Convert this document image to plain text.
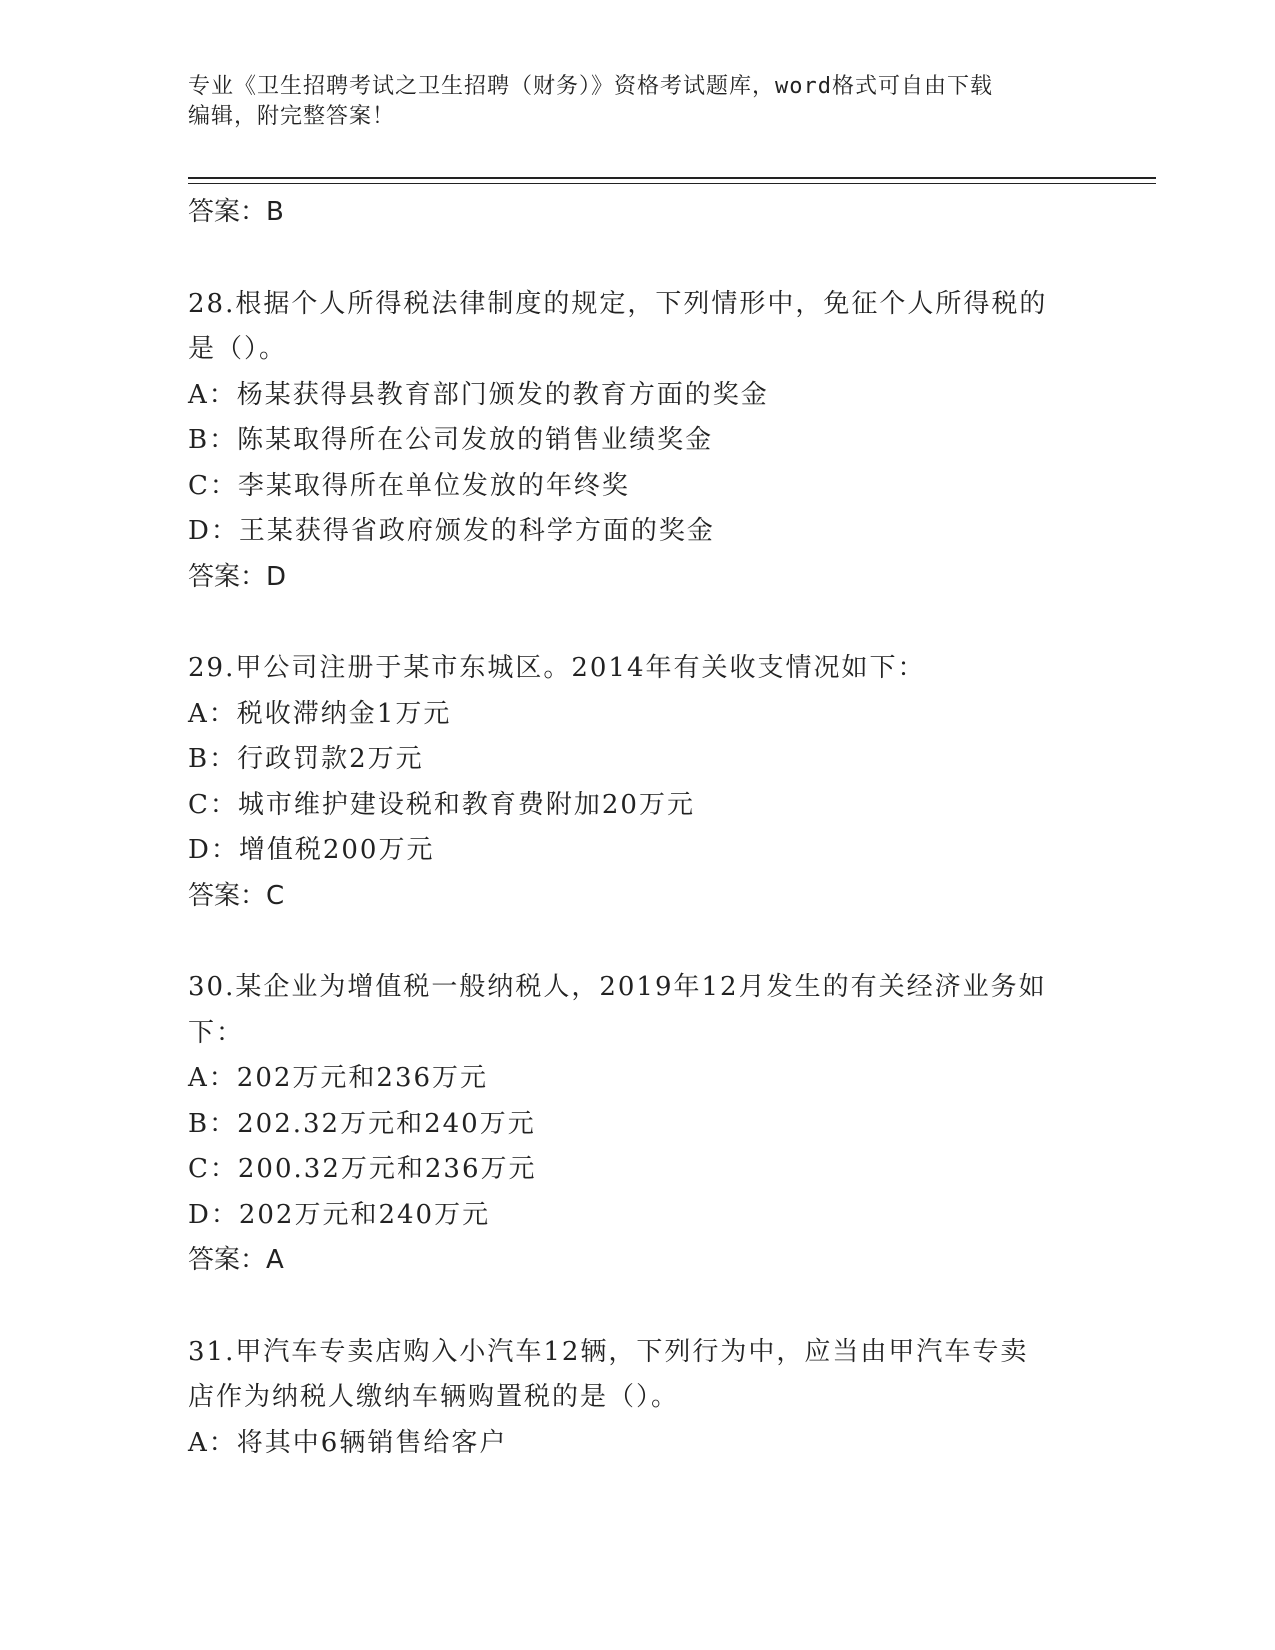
专业《卫生招聘考试之卫生招聘（财务）》资格考试题库，word格式可自由下载
编辑，附完整答案！
答案：B
28.根据个人所得税法律制度的规定，下列情形中，免征个人所得税的
是（）。
A：杨某获得县教育部门颁发的教育方面的奖金
B：陈某取得所在公司发放的销售业绩奖金
C：李某取得所在单位发放的年终奖
D：王某获得省政府颁发的科学方面的奖金
答案：D
29.甲公司注册于某市东城区。2014年有关收支情况如下：
A：税收滞纳金1万元
B：行政罚款2万元
C：城市维护建设税和教育费附加20万元
D：增值税200万元
答案：C
30.某企业为增值税一般纳税人，2019年12月发生的有关经济业务如
下：
A：202万元和236万元
B：202.32万元和240万元
C：200.32万元和236万元
D：202万元和240万元
答案：A
31.甲汽车专卖店购入小汽车12辆，下列行为中，应当由甲汽车专卖
店作为纳税人缴纳车辆购置税的是（）。
A：将其中6辆销售给客户
